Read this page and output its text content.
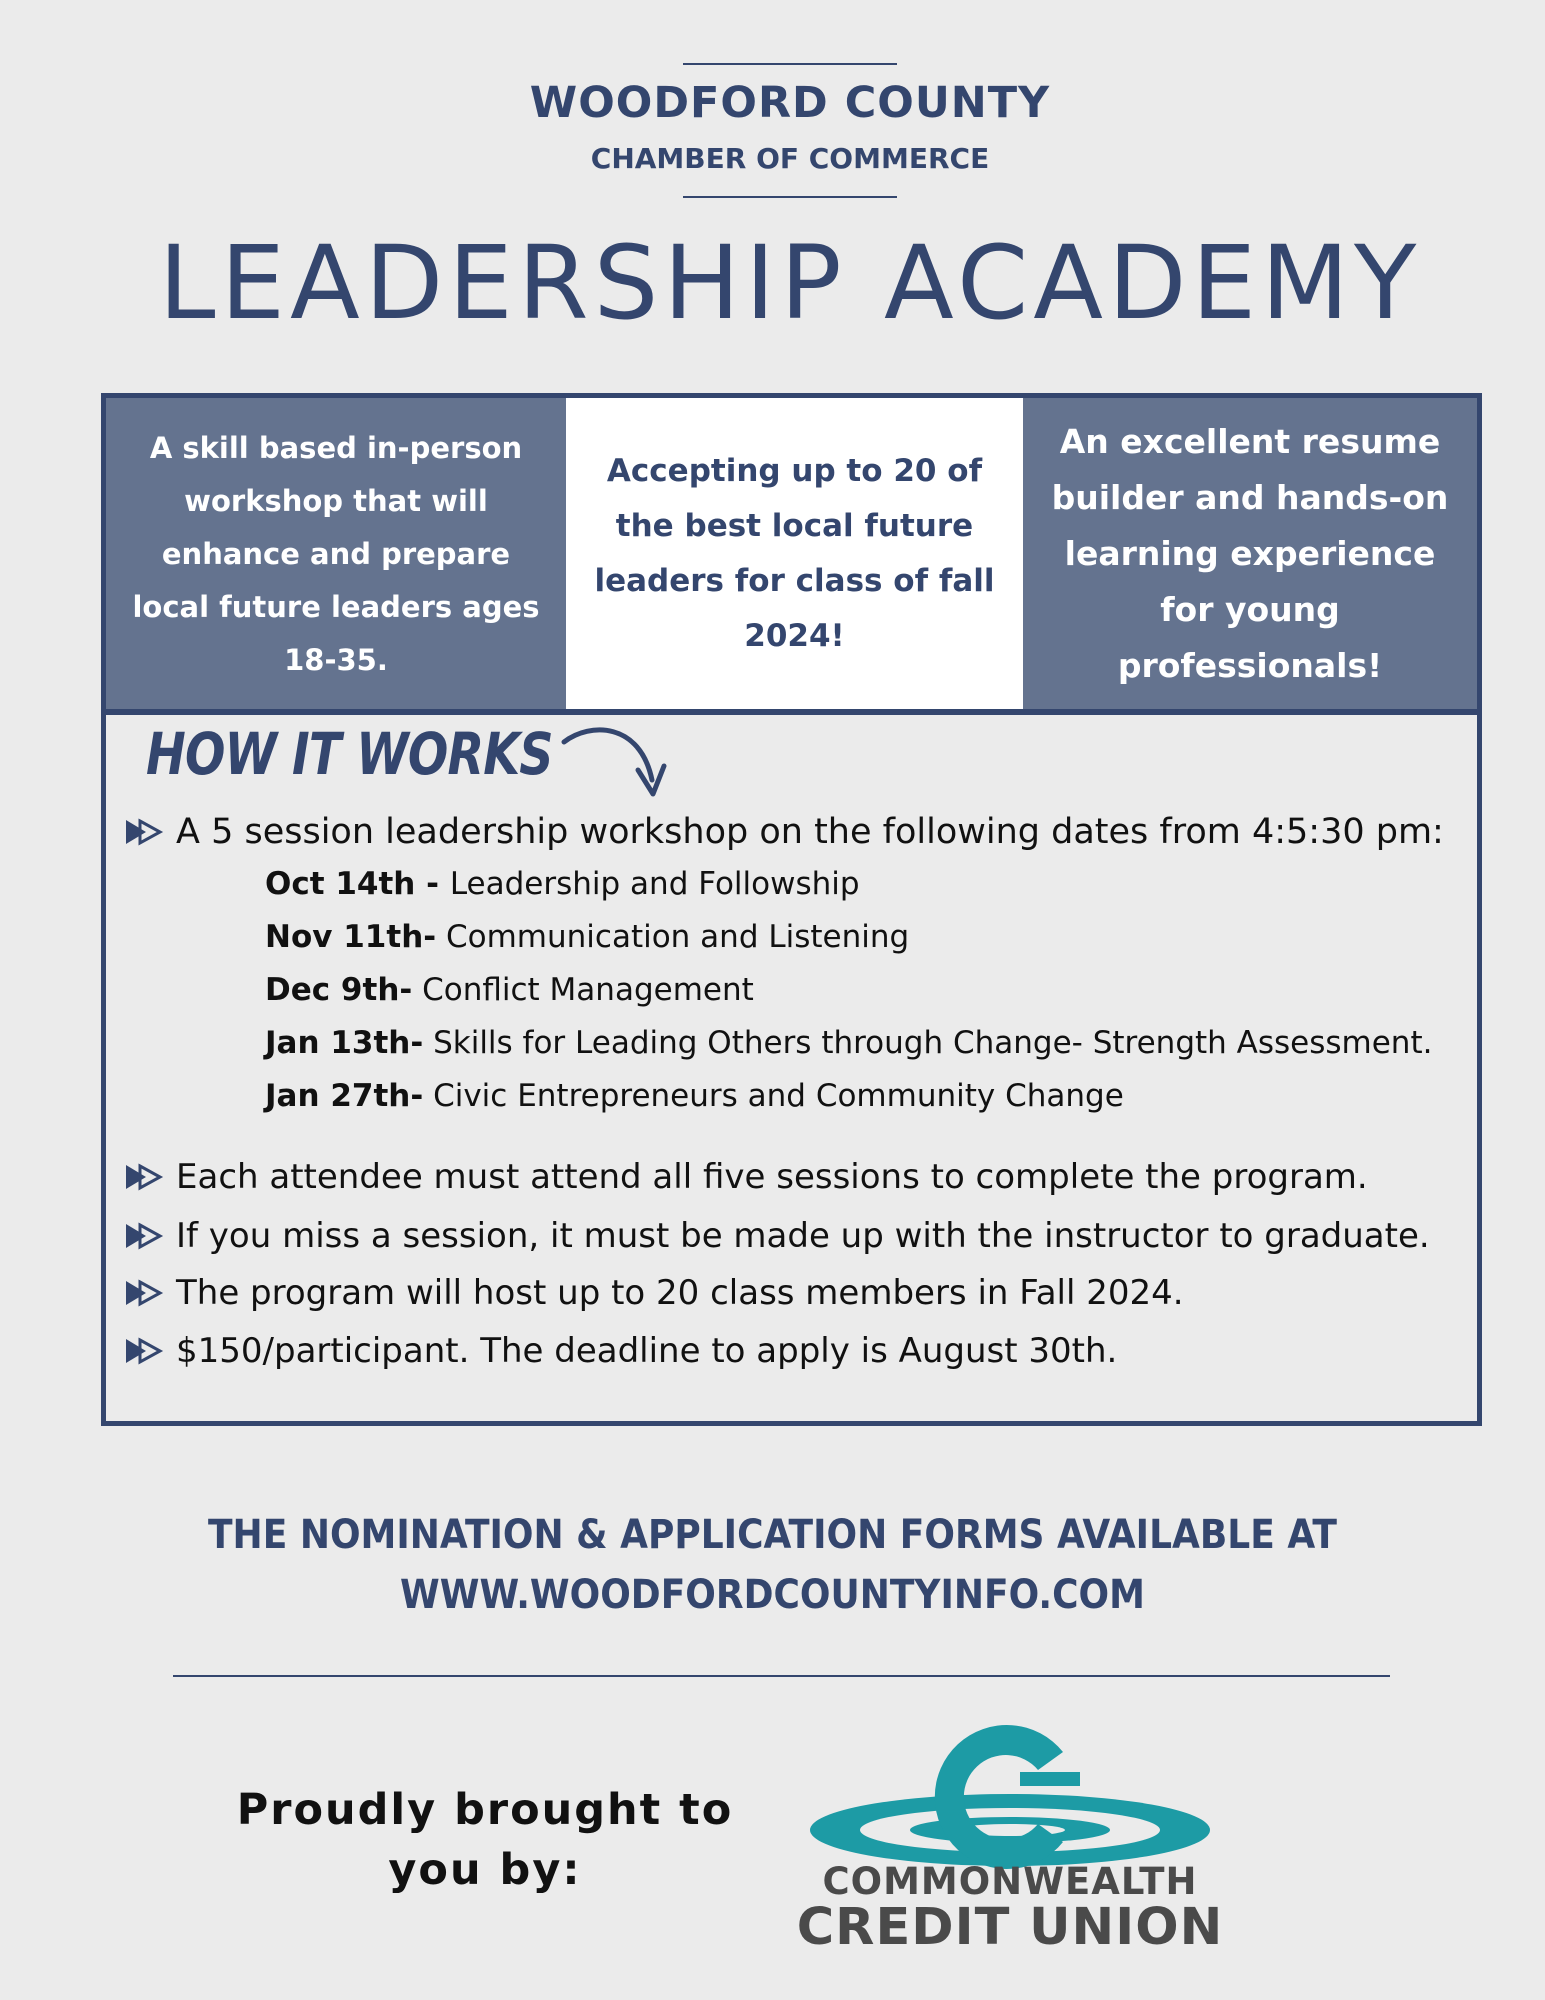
WOODFORD COUNTY
CHAMBER OF COMMERCE
LEADERSHIP ACADEMY
A skill based in-person workshop that will enhance and prepare local future leaders ages 18-35.
Accepting up to 20 of the best local future leaders for class of fall 2024!
An excellent resume builder and hands-on learning experience for young professionals!
HOW IT WORKS
A 5 session leadership workshop on the following dates from 4:5:30 pm:
Oct 14th - Leadership and Followship
Nov 11th- Communication and Listening
Dec 9th- Conflict Management
Jan 13th- Skills for Leading Others through Change- Strength Assessment.
Jan 27th- Civic Entrepreneurs and Community Change
Each attendee must attend all five sessions to complete the program.
If you miss a session, it must be made up with the instructor to graduate.
The program will host up to 20 class members in Fall 2024.
$150/participant. The deadline to apply is August 30th.
THE NOMINATION & APPLICATION FORMS AVAILABLE AT
WWW.WOODFORDCOUNTYINFO.COM
Proudly brought to
you by:	COMMONWEALTH
CREDIT UNION
